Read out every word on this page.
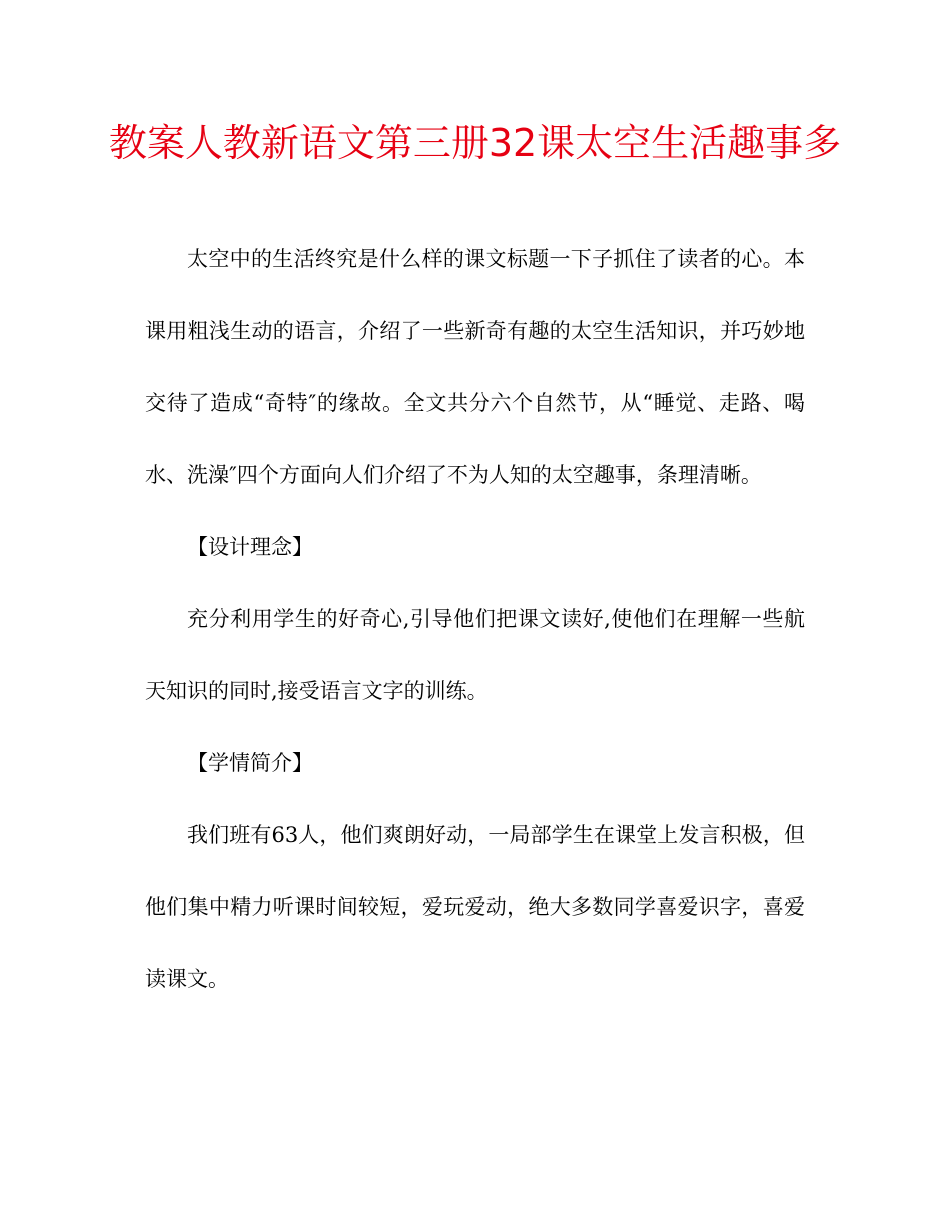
教案人教新语文第三册32课太空生活趣事多

太空中的生活终究是什么样的课文标题一下子抓住了读者的心。本课用粗浅生动的语言，介绍了一些新奇有趣的太空生活知识，并巧妙地交待了造成“奇特″的缘故。全文共分六个自然节，从“睡觉、走路、喝水、洗澡″四个方面向人们介绍了不为人知的太空趣事，条理清晰。

【设计理念】

充分利用学生的好奇心,引导他们把课文读好,使他们在理解一些航天知识的同时,接受语言文字的训练。

【学情简介】

我们班有63人，他们爽朗好动，一局部学生在课堂上发言积极，但他们集中精力听课时间较短，爱玩爱动，绝大多数同学喜爱识字，喜爱读课文。
